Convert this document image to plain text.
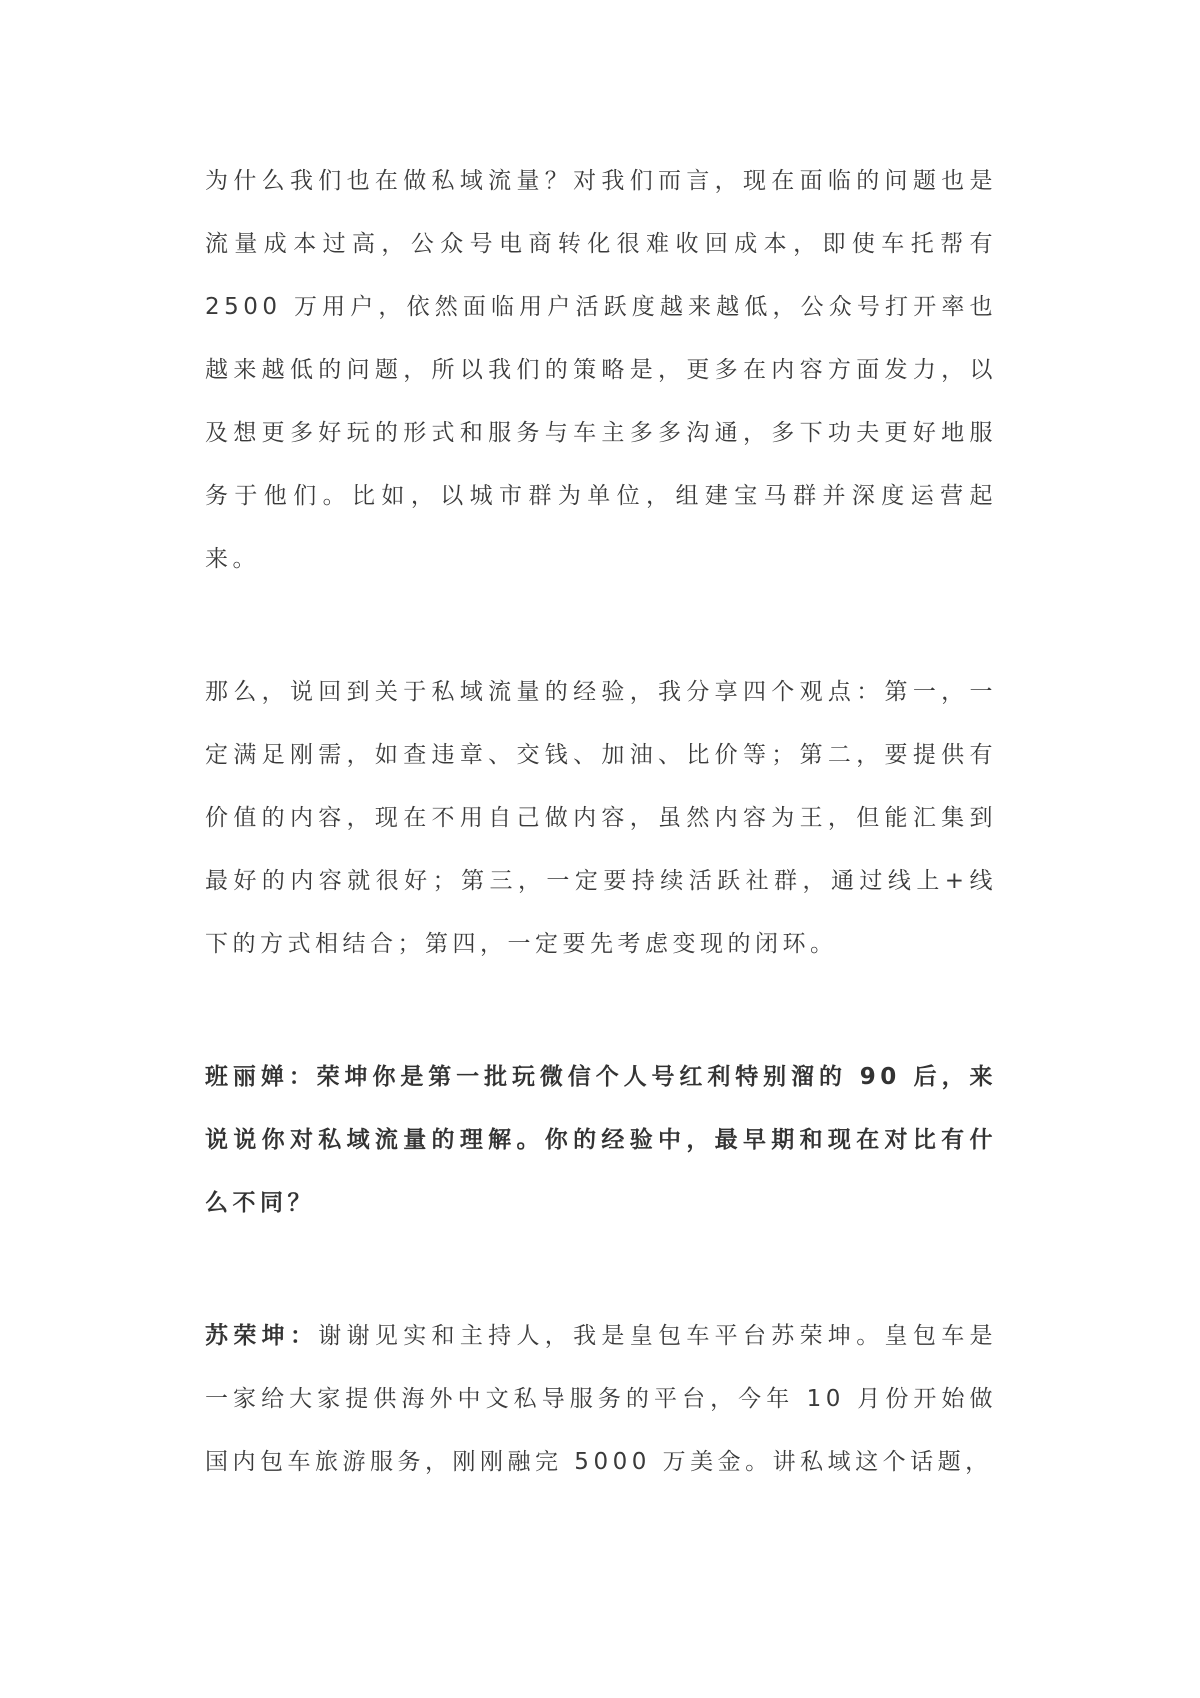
为什么我们也在做私域流量？对我们而言，现在面临的问题也是流量成本过高，公众号电商转化很难收回成本，即使车托帮有 2500 万用户，依然面临用户活跃度越来越低，公众号打开率也越来越低的问题，所以我们的策略是，更多在内容方面发力，以及想更多好玩的形式和服务与车主多多沟通，多下功夫更好地服务于他们。比如，以城市群为单位，组建宝马群并深度运营起来。

那么，说回到关于私域流量的经验，我分享四个观点：第一，一定满足刚需，如查违章、交钱、加油、比价等；第二，要提供有价值的内容，现在不用自己做内容，虽然内容为王，但能汇集到最好的内容就很好；第三，一定要持续活跃社群，通过线上+线下的方式相结合；第四，一定要先考虑变现的闭环。

班丽婵：荣坤你是第一批玩微信个人号红利特别溜的 90 后，来说说你对私域流量的理解。你的经验中，最早期和现在对比有什么不同？

苏荣坤：谢谢见实和主持人，我是皇包车平台苏荣坤。皇包车是一家给大家提供海外中文私导服务的平台，今年 10 月份开始做国内包车旅游服务，刚刚融完 5000 万美金。讲私域这个话题，
